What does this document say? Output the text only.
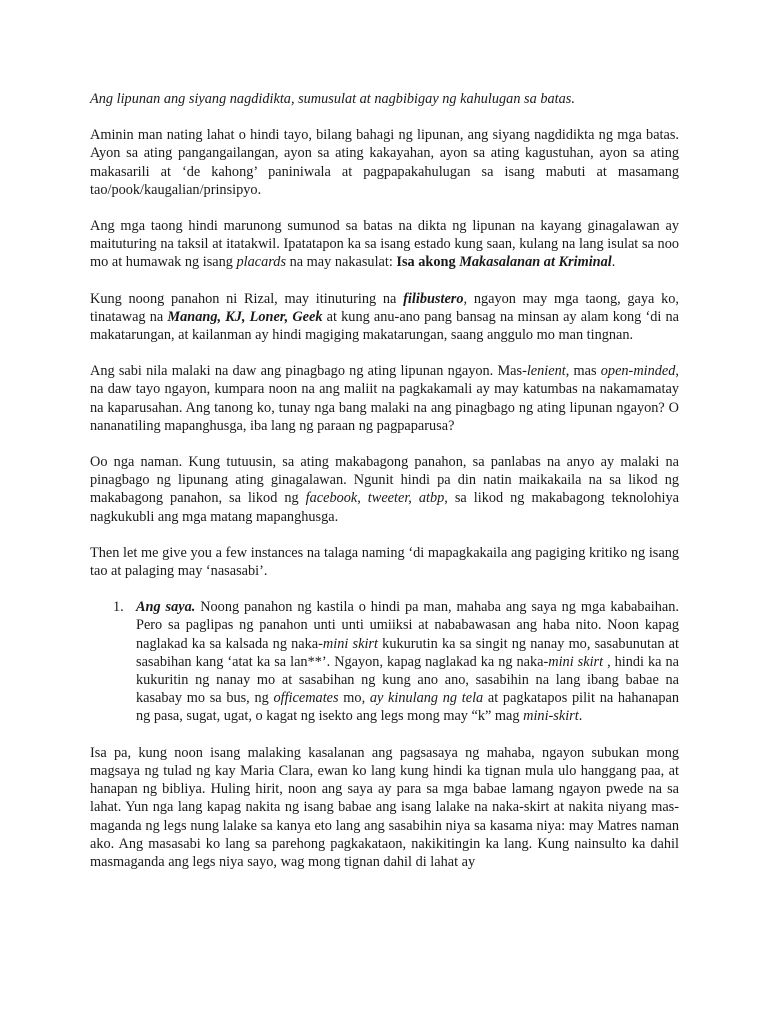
Ang lipunan ang siyang nagdidikta, sumusulat at nagbibigay ng kahulugan sa batas.

Aminin man nating lahat o hindi tayo, bilang bahagi ng lipunan, ang siyang nagdidikta ng mga batas. Ayon sa ating pangangailangan, ayon sa ating kakayahan, ayon sa ating kagustuhan, ayon sa ating makasarili at ‘de kahong’ paniniwala at pagpapakahulugan sa isang mabuti at masamang tao/pook/kaugalian/prinsipyo.

Ang mga taong hindi marunong sumunod sa batas na dikta ng lipunan na kayang ginagalawan ay maituturing na taksil at itatakwil. Ipatatapon ka sa isang estado kung saan, kulang na lang isulat sa noo mo at humawak ng isang placards na may nakasulat: Isa akong Makasalanan at Kriminal.

Kung noong panahon ni Rizal, may itinuturing na filibustero, ngayon may mga taong, gaya ko, tinatawag na Manang, KJ, Loner, Geek at kung anu-ano pang bansag na minsan ay alam kong ‘di na makatarungan, at kailanman ay hindi magiging makatarungan, saang anggulo mo man tingnan.

Ang sabi nila malaki na daw ang pinagbago ng ating lipunan ngayon. Mas-lenient, mas open-minded, na daw tayo ngayon, kumpara noon na ang maliit na pagkakamali ay may katumbas na nakamamatay na kaparusahan. Ang tanong ko, tunay nga bang malaki na ang pinagbago ng ating lipunan ngayon? O nananatiling mapanghusga, iba lang ng paraan ng pagpaparusa?

Oo nga naman. Kung tutuusin, sa ating makabagong panahon, sa panlabas na anyo ay malaki na pinagbago ng lipunang ating ginagalawan. Ngunit hindi pa din natin maikakaila na sa likod ng makabagong panahon, sa likod ng facebook, tweeter, atbp, sa likod ng makabagong teknolohiya nagkukubli ang mga matang mapanghusga.

Then let me give you a few instances na talaga naming ‘di mapagkakaila ang pagiging kritiko ng isang tao at palaging may ‘nasasabi’.

1. Ang saya. Noong panahon ng kastila o hindi pa man, mahaba ang saya ng mga kababaihan. Pero sa paglipas ng panahon unti unti umiiksi at nababawasan ang haba nito. Noon kapag naglakad ka sa kalsada ng naka-mini skirt kukurutin ka sa singit ng nanay mo, sasabunutan at sasabihan kang ‘atat ka sa lan**’. Ngayon, kapag naglakad ka ng naka-mini skirt , hindi ka na kukuritin ng nanay mo at sasabihan ng kung ano ano, sasabihin na lang ibang babae na kasabay mo sa bus, ng officemates mo, ay kinulang ng tela at pagkatapos pilit na hahanapan ng pasa, sugat, ugat, o kagat ng isekto ang legs mong may “k” mag mini-skirt.

Isa pa, kung noon isang malaking kasalanan ang pagsasaya ng mahaba, ngayon subukan mong magsaya ng tulad ng kay Maria Clara, ewan ko lang kung hindi ka tignan mula ulo hanggang paa, at hanapan ng bibliya. Huling hirit, noon ang saya ay para sa mga babae lamang ngayon pwede na sa lahat. Yun nga lang kapag nakita ng isang babae ang isang lalake na naka-skirt at nakita niyang mas-maganda ng legs nung lalake sa kanya eto lang ang sasabihin niya sa kasama niya: may Matres naman ako. Ang masasabi ko lang sa parehong pagkakataon, nakikitingin ka lang. Kung nainsulto ka dahil masmaganda ang legs niya sayo, wag mong tignan dahil di lahat ay
